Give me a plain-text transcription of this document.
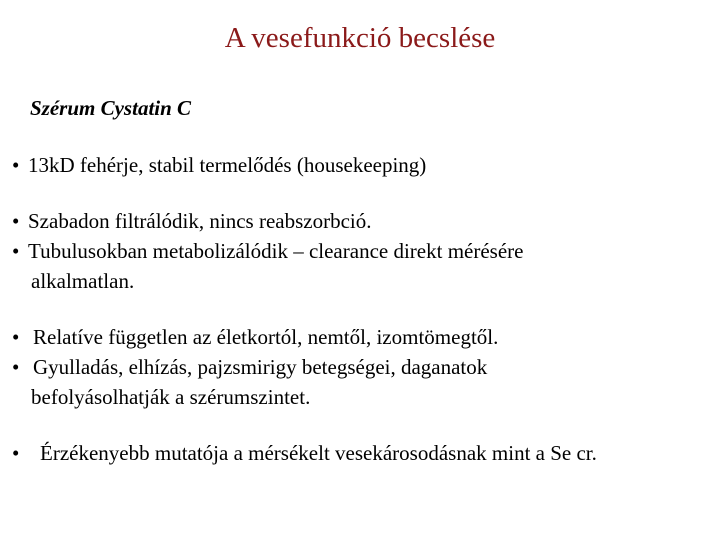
A vesefunkció becslése
Szérum Cystatin C
• 13kD fehérje, stabil termelődés (housekeeping)
• Szabadon filtrálódik, nincs reabszorbció.
• Tubulusokban metabolizálódik – clearance direkt mérésére
alkalmatlan.
• Relatíve független az életkortól, nemtől, izomtömegtől.
• Gyulladás, elhízás, pajzsmirigy betegségei, daganatok
befolyásolhatják a szérumszintet.
• Érzékenyebb mutatója a mérsékelt vesekárosodásnak mint a Se cr.
